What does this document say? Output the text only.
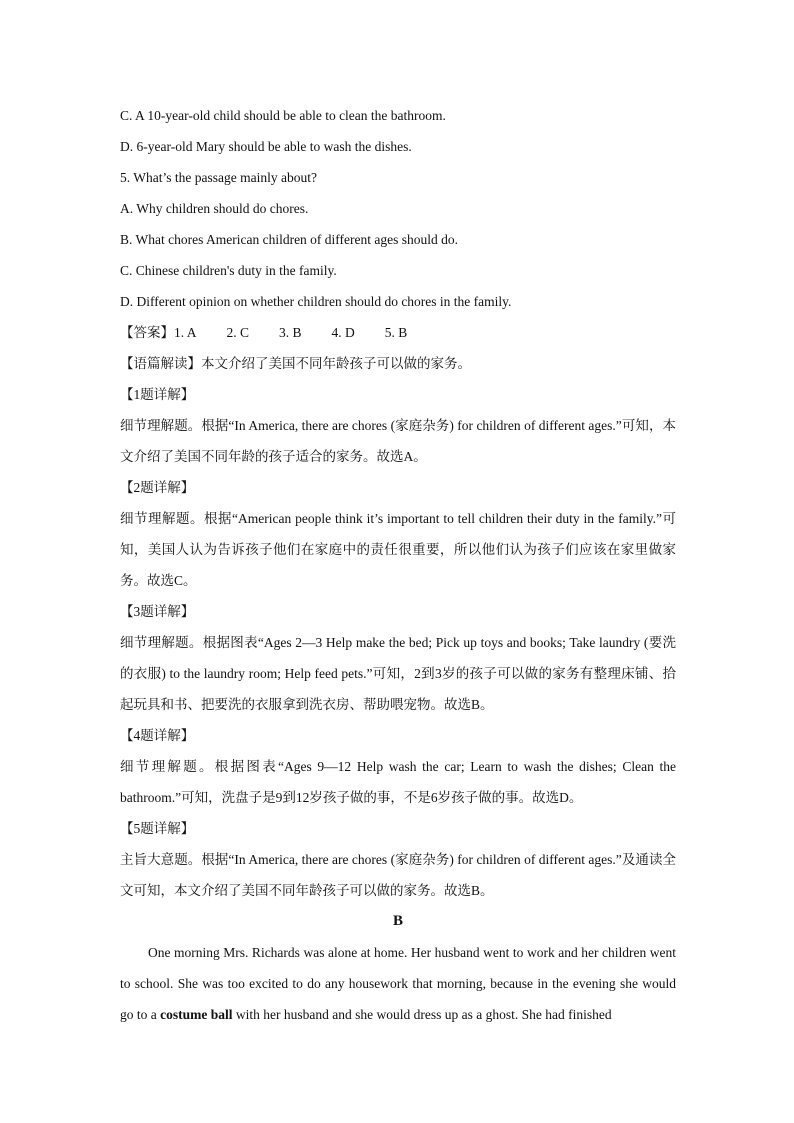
C. A 10-year-old child should be able to clean the bathroom.
D. 6-year-old Mary should be able to wash the dishes.
5. What’s the passage mainly about?
A. Why children should do chores.
B. What chores American children of different ages should do.
C. Chinese children's duty in the family.
D. Different opinion on whether children should do chores in the family.
【答案】1. A 2. C 3. B 4. D 5. B
【语篇解读】本文介绍了美国不同年龄孩子可以做的家务。
【1题详解】
细节理解题。根据“In America, there are chores (家庭杂务) for children of different ages.”可知，本文介绍了美国不同年龄的孩子适合的家务。故选A。
【2题详解】
细节理解题。根据“American people think it’s important to tell children their duty in the family.”可知，美国人认为告诉孩子他们在家庭中的责任很重要，所以他们认为孩子们应该在家里做家务。故选C。
【3题详解】
细节理解题。根据图表“Ages 2—3 Help make the bed; Pick up toys and books; Take laundry (要洗的衣服) to the laundry room; Help feed pets.”可知，2到3岁的孩子可以做的家务有整理床铺、拾起玩具和书、把要洗的衣服拿到洗衣房、帮助喂宠物。故选B。
【4题详解】
细节理解题。根据图表“Ages 9—12 Help wash the car; Learn to wash the dishes; Clean the bathroom.”可知，洗盘子是9到12岁孩子做的事，不是6岁孩子做的事。故选D。
【5题详解】
主旨大意题。根据“In America, there are chores (家庭杂务) for children of different ages.”及通读全文可知，本文介绍了美国不同年龄孩子可以做的家务。故选B。
B
One morning Mrs. Richards was alone at home. Her husband went to work and her children went to school. She was too excited to do any housework that morning, because in the evening she would go to a costume ball with her husband and she would dress up as a ghost. She had finished
